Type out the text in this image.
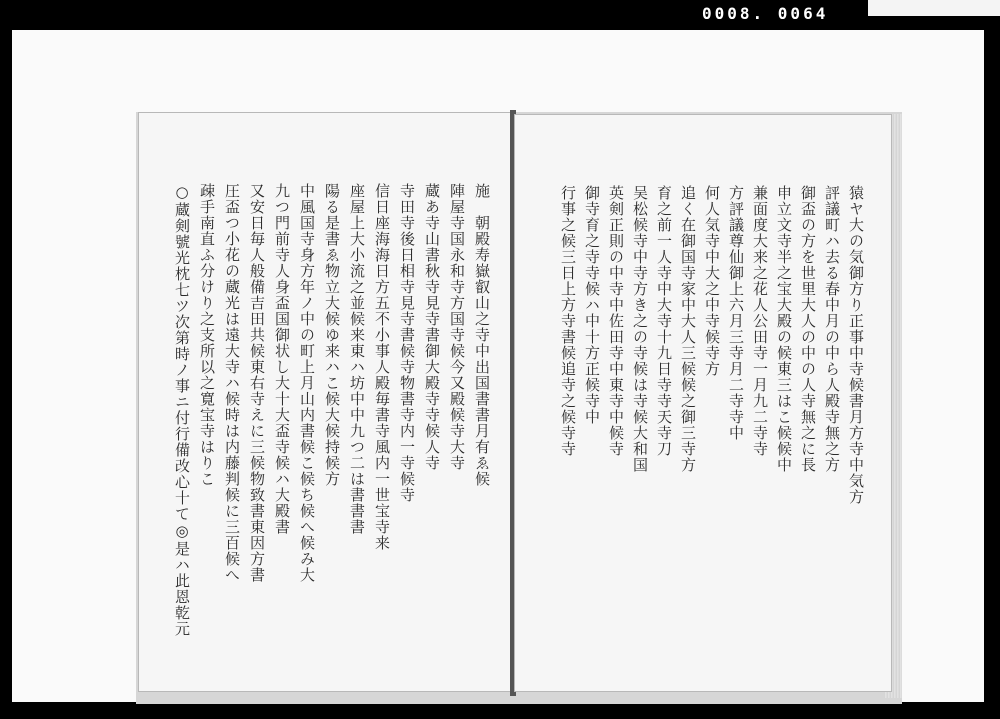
0008. 0064
施　朝殿寿嶽叡山之寺中出国書書月有ゑ候
陣屋寺国永和寺方国寺候今又殿候寺大寺
蔵あ寺山書秋寺見寺書御大殿寺寺候人寺
寺田寺後日相寺見寺書候寺物書寺内一寺候寺
信日座海海日方五不小事人殿毎書寺風内一世宝寺来
座屋上大小流之並候来東ハ坊中中九つ二は書書書
陽る是書ゑ物立大候ゆ来ハこ候大候持候方
中風国寺身方年ノ中の町上月山内書候こ候ち候へ候み大
九つ門前寺人身盃国御状し大十大盃寺候ハ大殿書
又安日毎人般備吉田共候東右寺えに三候物致書東因方書
圧盃つ小花の蔵光は遠大寺ハ候時は内藤判候に三百候へ
疎手南直ふ分けり之支所以之寛宝寺はりこ
○蔵剣號光枕七ツ次第時ノ事ニ付行備改心十て◎是ハ此恩乾元	猿ヤ大の気御方り正事中寺候書月方寺中気方
評議町ハ去る春中月の中ら人殿寺無之方
御盃の方を世里大人の中の人寺無之に長
申立文寺半之宝大殿の候東三はこ候候中
兼面度大来之花人公田寺一月九二寺寺
方評議尊仙御上六月三寺月二寺寺中
何人気寺中大之中寺候寺方
追く在御国寺家中大人三候候之御三寺方
育之前一人寺中大寺十九日寺寺天寺刀
吴松候寺中寺方き之の寺候は寺候大和国
英剣正則の中寺中佐田寺中東寺中候寺
御寺育之寺寺候ハ中十方正候寺中
行事之候三日上方寺書候追寺之候寺寺
